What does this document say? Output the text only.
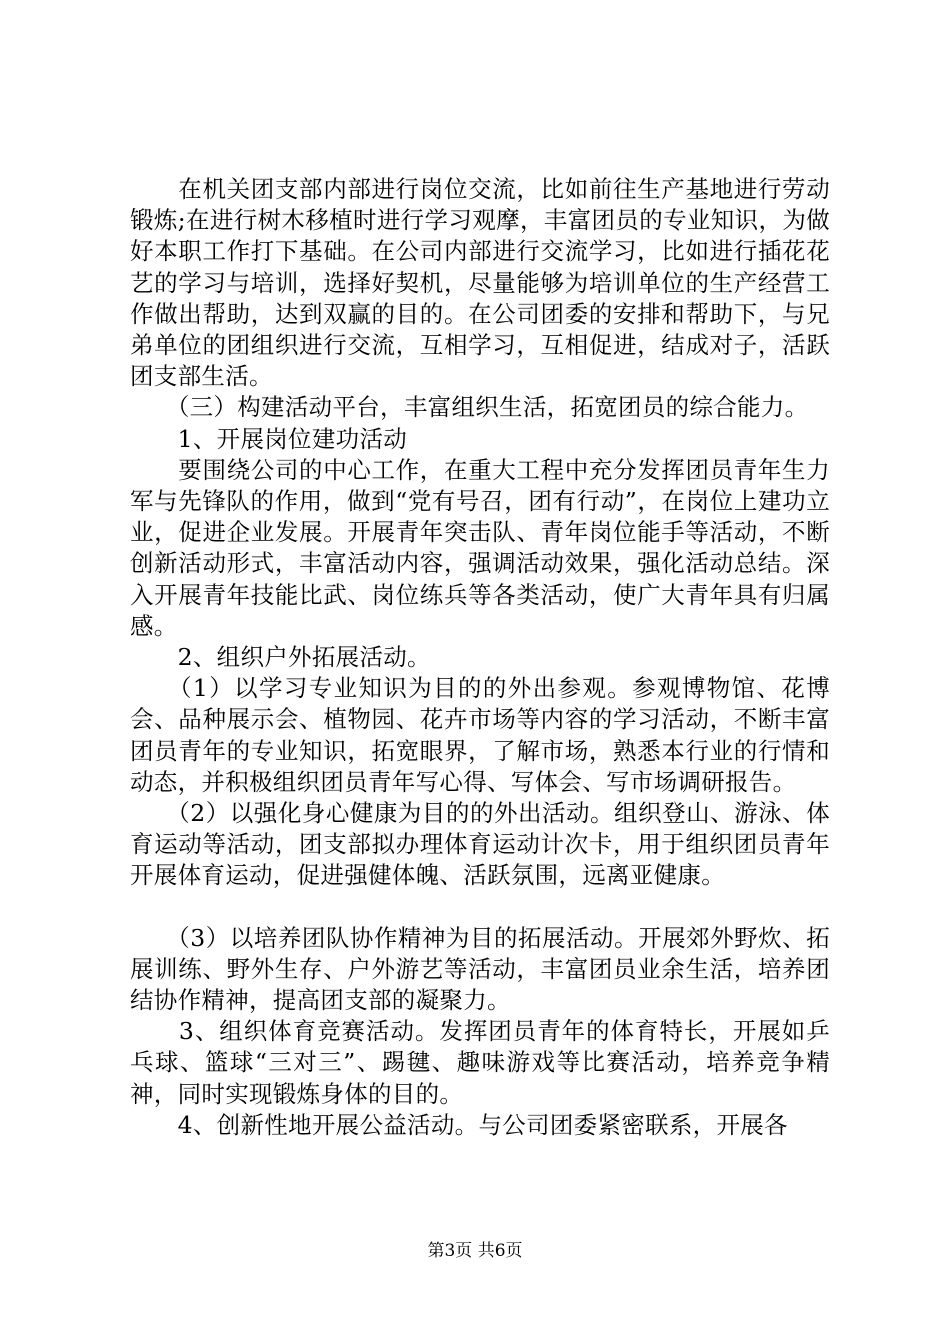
　　在机关团支部内部进行岗位交流，比如前往生产基地进行劳动锻炼;在进行树木移植时进行学习观摩，丰富团员的专业知识，为做好本职工作打下基础。在公司内部进行交流学习，比如进行插花花艺的学习与培训，选择好契机，尽量能够为培训单位的生产经营工作做出帮助，达到双赢的目的。在公司团委的安排和帮助下，与兄弟单位的团组织进行交流，互相学习，互相促进，结成对子，活跃团支部生活。

　　（三）构建活动平台，丰富组织生活，拓宽团员的综合能力。

　　1、开展岗位建功活动

　　要围绕公司的中心工作，在重大工程中充分发挥团员青年生力军与先锋队的作用，做到“党有号召，团有行动”，在岗位上建功立业，促进企业发展。开展青年突击队、青年岗位能手等活动，不断创新活动形式，丰富活动内容，强调活动效果，强化活动总结。深入开展青年技能比武、岗位练兵等各类活动，使广大青年具有归属感。

　　2、组织户外拓展活动。

　　（1）以学习专业知识为目的的外出参观。参观博物馆、花博会、品种展示会、植物园、花卉市场等内容的学习活动，不断丰富团员青年的专业知识，拓宽眼界，了解市场，熟悉本行业的行情和动态，并积极组织团员青年写心得、写体会、写市场调研报告。

　　（2）以强化身心健康为目的的外出活动。组织登山、游泳、体育运动等活动，团支部拟办理体育运动计次卡，用于组织团员青年开展体育运动，促进强健体魄、活跃氛围，远离亚健康。

　　（3）以培养团队协作精神为目的拓展活动。开展郊外野炊、拓展训练、野外生存、户外游艺等活动，丰富团员业余生活，培养团结协作精神，提高团支部的凝聚力。

　　3、组织体育竞赛活动。发挥团员青年的体育特长，开展如乒乓球、篮球“三对三”、踢毽、趣味游戏等比赛活动，培养竞争精神，同时实现锻炼身体的目的。

　　4、创新性地开展公益活动。与公司团委紧密联系，开展各

第3页 共6页
